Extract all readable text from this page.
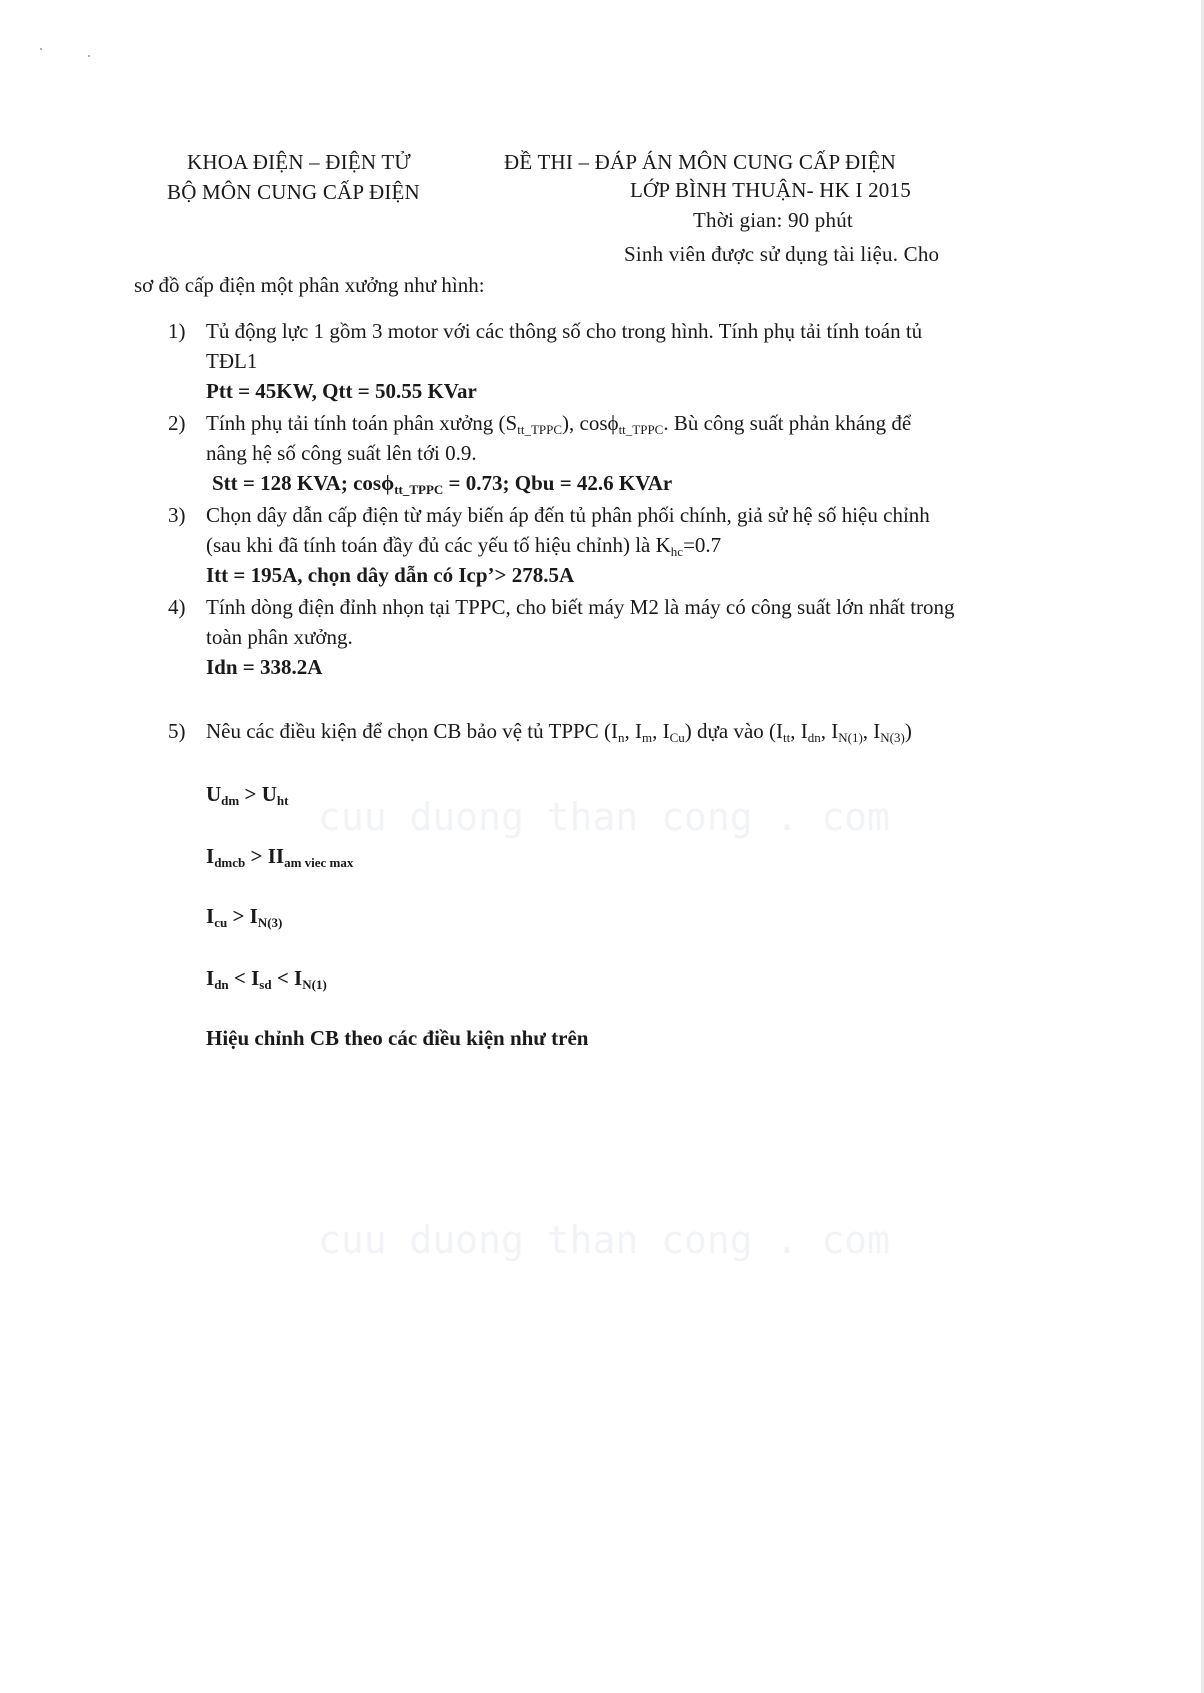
KHOA ĐIỆN – ĐIỆN TỬ
BỘ MÔN CUNG CẤP ĐIỆN
ĐỀ THI – ĐÁP ÁN MÔN CUNG CẤP ĐIỆN
LỚP BÌNH THUẬN- HK I 2015
Thời gian: 90 phút
Sinh viên được sử dụng tài liệu. Cho
sơ đồ cấp điện một phân xưởng như hình:
1) Tủ động lực 1 gồm 3 motor với các thông số cho trong hình. Tính phụ tải tính toán tủ
TĐL1
Ptt = 45KW, Qtt = 50.55 KVar
2) Tính phụ tải tính toán phân xưởng $(S_{tt\_TPPC})$, cosϕ$_{tt\_TPPC}$. Bù công suất phản kháng để
nâng hệ số công suất lên tới 0.9.
Stt = 128 KVA; cosϕ$_{tt\_TPPC}$ = 0.73; Qbu = 42.6 KVAr
3) Chọn dây dẫn cấp điện từ máy biến áp đến tủ phân phối chính, giả sử hệ số hiệu chỉnh
(sau khi đã tính toán đầy đủ các yếu tố hiệu chỉnh) là $K_{hc}=0.7$
Itt = 195A, chọn dây dẫn có Icp’> 278.5A
4) Tính dòng điện đỉnh nhọn tại TPPC, cho biết máy M2 là máy có công suất lớn nhất trong
toàn phân xưởng.
Idn = 338.2A
5) Nêu các điều kiện để chọn CB bảo vệ tủ TPPC ($I_n$, $I_m$, $I_{Cu}$) dựa vào ($I_{tt}$, $I_{dn}$, $I_{N(1)}$, $I_{N(3)}$)
$U_{dm} > U_{ht}$
$I_{dmcb} > II_{am viec max}$
$I_{cu} > I_{N(3)}$
$I_{dn} < I_{sd} < I_{N(1)}$
Hiệu chỉnh CB theo các điều kiện như trên
cuu duong than cong . com
cuu duong than cong . com
